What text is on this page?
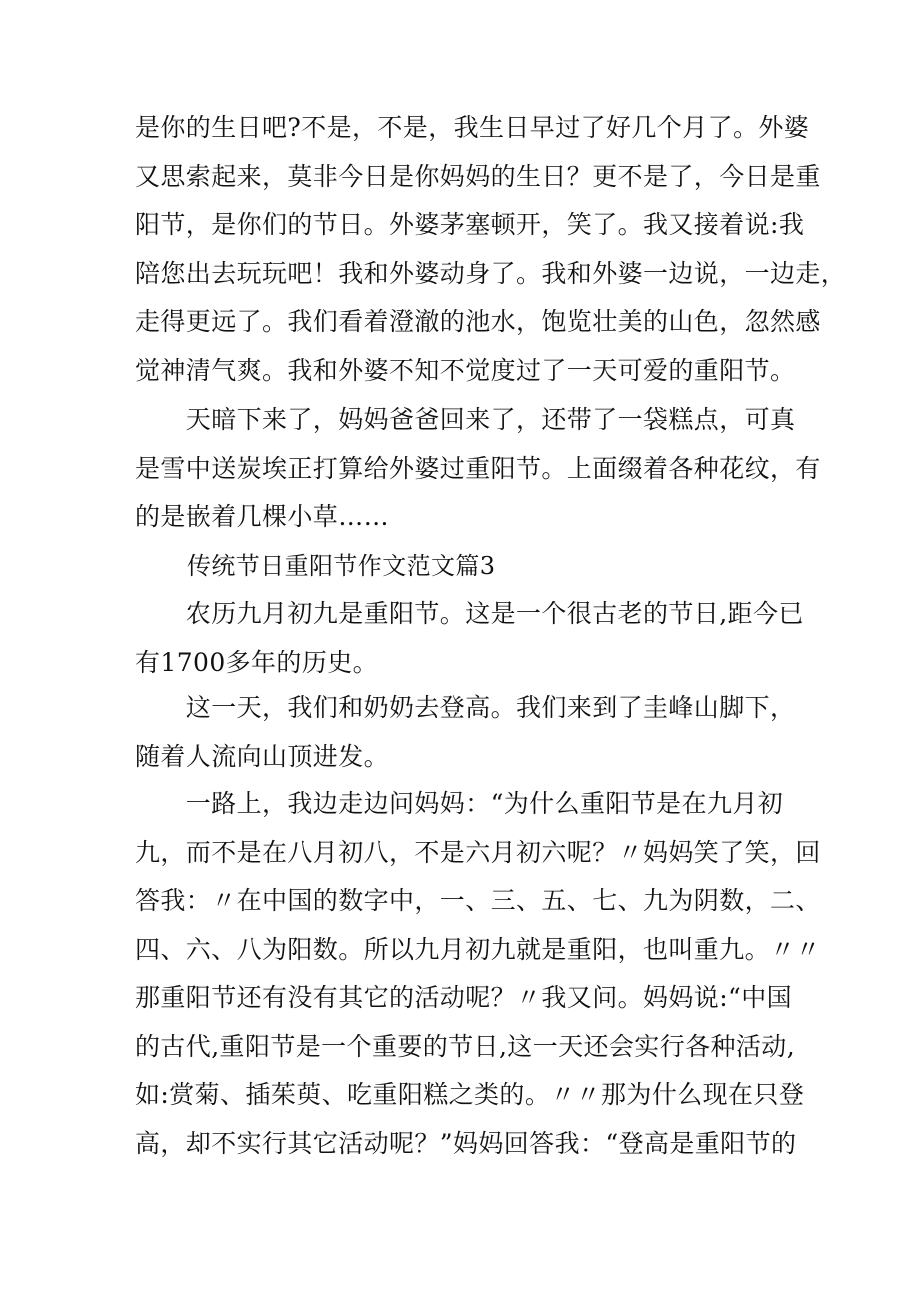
是你的生日吧?不是，不是，我生日早过了好几个月了。外婆
又思索起来，莫非今日是你妈妈的生日？更不是了，今日是重
阳节，是你们的节日。外婆茅塞顿开，笑了。我又接着说:我
陪您出去玩玩吧！我和外婆动身了。我和外婆一边说，一边走，
走得更远了。我们看着澄澈的池水，饱览壮美的山色，忽然感
觉神清气爽。我和外婆不知不觉度过了一天可爱的重阳节。
　　天暗下来了，妈妈爸爸回来了，还带了一袋糕点，可真
是雪中送炭埃正打算给外婆过重阳节。上面缀着各种花纹，有
的是嵌着几棵小草……
传统节日重阳节作文范文篇3
　　农历九月初九是重阳节。这是一个很古老的节日,距今已
有1700多年的历史。
　　这一天，我们和奶奶去登高。我们来到了圭峰山脚下，
随着人流向山顶进发。
　　一路上，我边走边问妈妈：“为什么重阳节是在九月初
九，而不是在八月初八，不是六月初六呢？〃妈妈笑了笑，回
答我：〃在中国的数字中，一、三、五、七、九为阴数，二、
四、六、八为阳数。所以九月初九就是重阳，也叫重九。〃〃
那重阳节还有没有其它的活动呢？〃我又问。妈妈说:“中国
的古代,重阳节是一个重要的节日,这一天还会实行各种活动,
如:赏菊、插茱萸、吃重阳糕之类的。〃〃那为什么现在只登
高，却不实行其它活动呢？”妈妈回答我：“登高是重阳节的
